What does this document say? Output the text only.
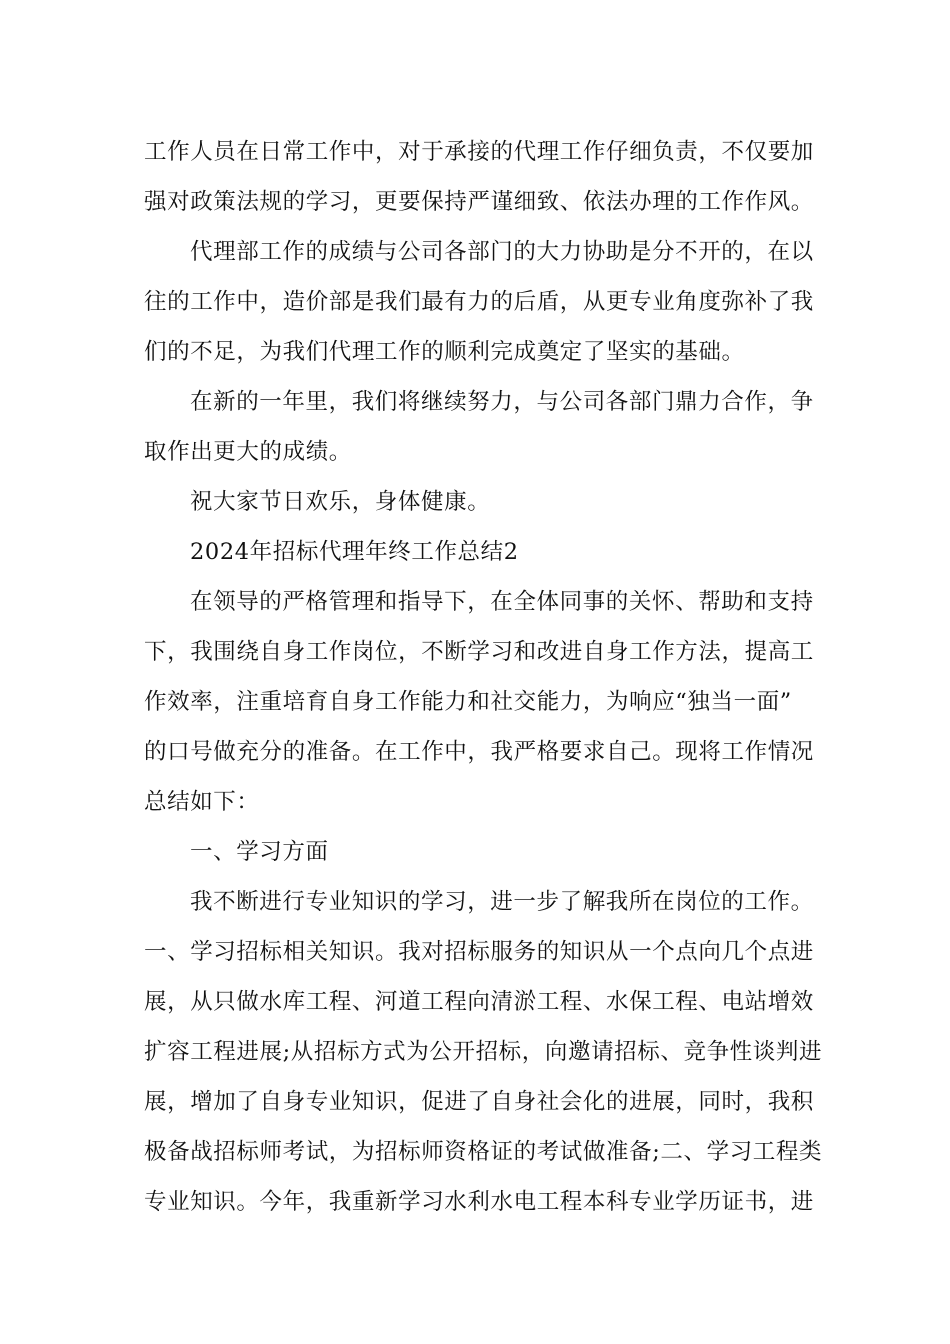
工作人员在日常工作中，对于承接的代理工作仔细负责，不仅要加
强对政策法规的学习，更要保持严谨细致、依法办理的工作作风。
代理部工作的成绩与公司各部门的大力协助是分不开的，在以
往的工作中，造价部是我们最有力的后盾，从更专业角度弥补了我
们的不足，为我们代理工作的顺利完成奠定了坚实的基础。
在新的一年里，我们将继续努力，与公司各部门鼎力合作，争
取作出更大的成绩。
祝大家节日欢乐，身体健康。
2024年招标代理年终工作总结2
在领导的严格管理和指导下，在全体同事的关怀、帮助和支持
下，我围绕自身工作岗位，不断学习和改进自身工作方法，提高工
作效率，注重培育自身工作能力和社交能力，为响应“独当一面”
的口号做充分的准备。在工作中，我严格要求自己。现将工作情况
总结如下：
一、学习方面
我不断进行专业知识的学习，进一步了解我所在岗位的工作。
一、学习招标相关知识。我对招标服务的知识从一个点向几个点进
展，从只做水库工程、河道工程向清淤工程、水保工程、电站增效
扩容工程进展;从招标方式为公开招标，向邀请招标、竞争性谈判进
展，增加了自身专业知识，促进了自身社会化的进展，同时，我积
极备战招标师考试，为招标师资格证的考试做准备;二、学习工程类
专业知识。今年，我重新学习水利水电工程本科专业学历证书，进
